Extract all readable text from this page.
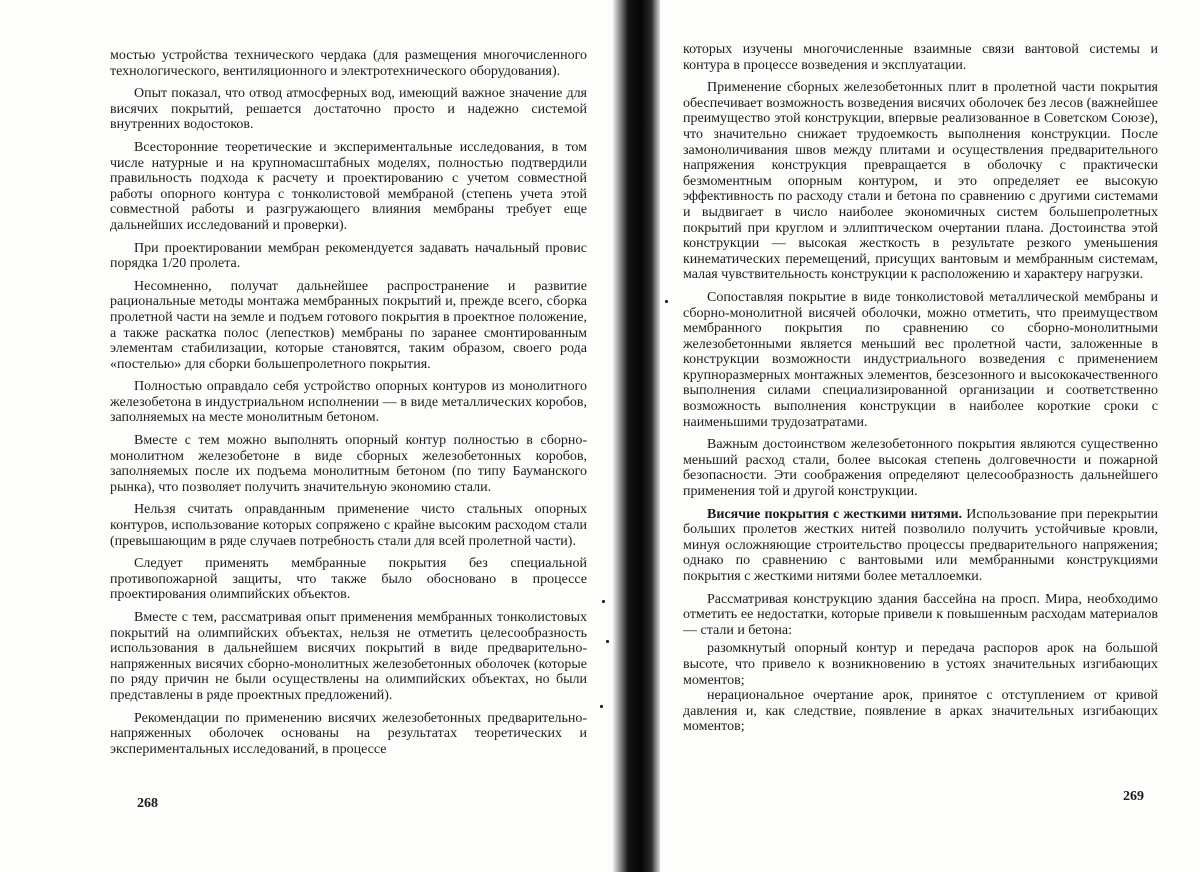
мостью устройства технического чердака (для размещения многочисленного технологического, вентиляционного и электротехнического оборудования).

Опыт показал, что отвод атмосферных вод, имеющий важное значение для висячих покрытий, решается достаточно просто и надежно системой внутренних водостоков.

Всесторонние теоретические и экспериментальные исследования, в том числе натурные и на крупномасштабных моделях, полностью подтвердили правильность подхода к расчету и проектированию с учетом совместной работы опорного контура с тонколистовой мембраной (степень учета этой совместной работы и разгружающего влияния мембраны требует еще дальнейших исследований и проверки).

При проектировании мембран рекомендуется задавать начальный провис порядка 1/20 пролета.

Несомненно, получат дальнейшее распространение и развитие рациональные методы монтажа мембранных покрытий и, прежде всего, сборка пролетной части на земле и подъем готового покрытия в проектное положение, а также раскатка полос (лепестков) мембраны по заранее смонтированным элементам стабилизации, которые становятся, таким образом, своего рода «постелью» для сборки большепролетного покрытия.

Полностью оправдало себя устройство опорных контуров из монолитного железобетона в индустриальном исполнении — в виде металлических коробов, заполняемых на месте монолитным бетоном.

Вместе с тем можно выполнять опорный контур полностью в сборно-монолитном железобетоне в виде сборных железобетонных коробов, заполняемых после их подъема монолитным бетоном (по типу Бауманского рынка), что позволяет получить значительную экономию стали.

Нельзя считать оправданным применение чисто стальных опорных контуров, использование которых сопряжено с крайне высоким расходом стали (превышающим в ряде случаев потребность стали для всей пролетной части).

Следует применять мембранные покрытия без специальной противопожарной защиты, что также было обосновано в процессе проектирования олимпийских объектов.

Вместе с тем, рассматривая опыт применения мембранных тонколистовых покрытий на олимпийских объектах, нельзя не отметить целесообразность использования в дальнейшем висячих покрытий в виде предварительно-напряженных висячих сборно-монолитных железобетонных оболочек (которые по ряду причин не были осуществлены на олимпийских объектах, но были представлены в ряде проектных предложений).

Рекомендации по применению висячих железобетонных предварительно-напряженных оболочек основаны на результатах теоретических и экспериментальных исследований, в процессе

268

которых изучены многочисленные взаимные связи вантовой системы и контура в процессе возведения и эксплуатации.

Применение сборных железобетонных плит в пролетной части покрытия обеспечивает возможность возведения висячих оболочек без лесов (важнейшее преимущество этой конструкции, впервые реализованное в Советском Союзе), что значительно снижает трудоемкость выполнения конструкции. После замоноличивания швов между плитами и осуществления предварительного напряжения конструкция превращается в оболочку с практически безмоментным опорным контуром, и это определяет ее высокую эффективность по расходу стали и бетона по сравнению с другими системами и выдвигает в число наиболее экономичных систем большепролетных покрытий при круглом и эллиптическом очертании плана. Достоинства этой конструкции — высокая жесткость в результате резкого уменьшения кинематических перемещений, присущих вантовым и мембранным системам, малая чувствительность конструкции к расположению и характеру нагрузки.

Сопоставляя покрытие в виде тонколистовой металлической мембраны и сборно-монолитной висячей оболочки, можно отметить, что преимуществом мембранного покрытия по сравнению со сборно-монолитными железобетонными является меньший вес пролетной части, заложенные в конструкции возможности индустриального возведения с применением крупноразмерных монтажных элементов, безсезонного и высококачественного выполнения силами специализированной организации и соответственно возможность выполнения конструкции в наиболее короткие сроки с наименьшими трудозатратами.

Важным достоинством железобетонного покрытия являются существенно меньший расход стали, более высокая степень долговечности и пожарной безопасности. Эти соображения определяют целесообразность дальнейшего применения той и другой конструкции.

Висячие покрытия с жесткими нитями. Использование при перекрытии больших пролетов жестких нитей позволило получить устойчивые кровли, минуя осложняющие строительство процессы предварительного напряжения; однако по сравнению с вантовыми или мембранными конструкциями покрытия с жесткими нитями более металлоемки.

Рассматривая конструкцию здания бассейна на просп. Мира, необходимо отметить ее недостатки, которые привели к повышенным расходам материалов — стали и бетона:

разомкнутый опорный контур и передача распоров арок на большой высоте, что привело к возникновению в устоях значительных изгибающих моментов;

нерациональное очертание арок, принятое с отступлением от кривой давления и, как следствие, появление в арках значительных изгибающих моментов;

269
